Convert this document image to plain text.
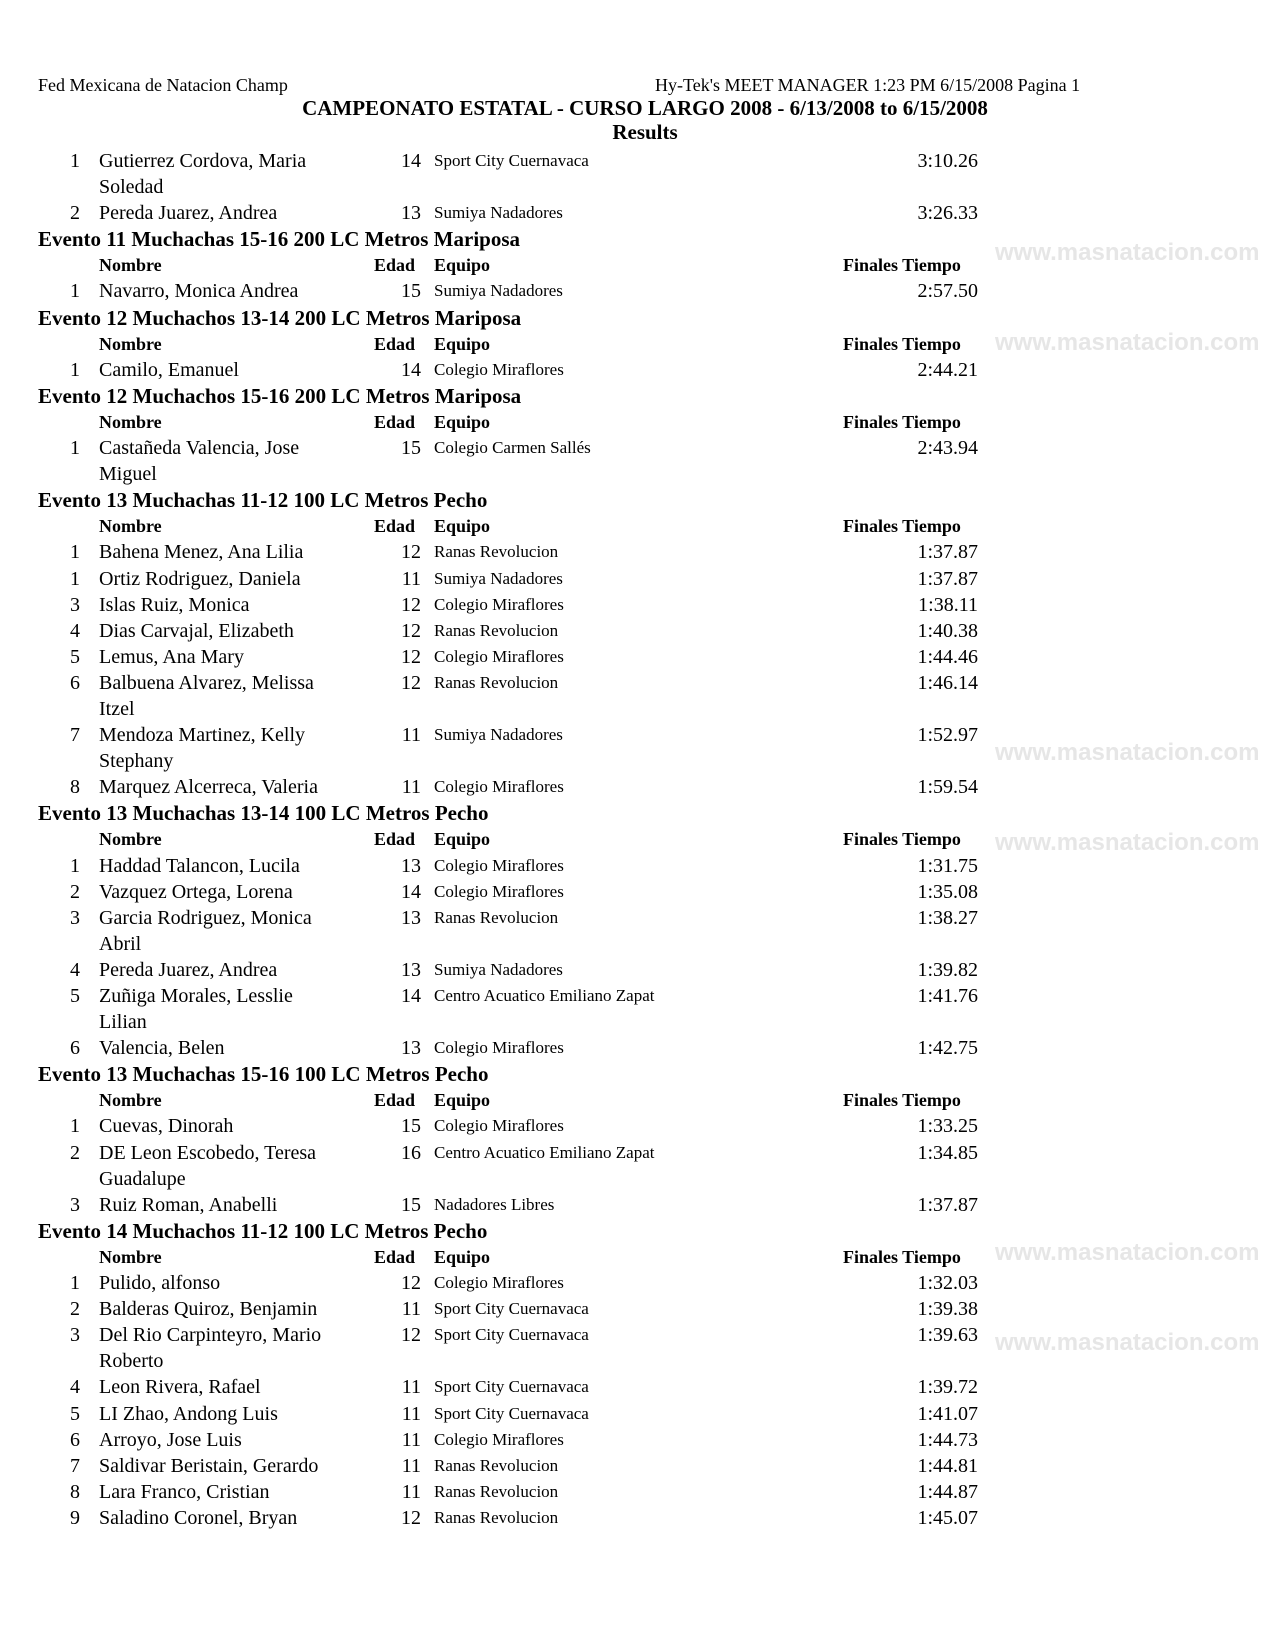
Fed Mexicana de Natacion Champ	Hy-Tek's MEET MANAGER 1:23 PM 6/15/2008 Pagina 1
CAMPEONATO ESTATAL - CURSO LARGO 2008 - 6/13/2008 to 6/15/2008
Results
www.masnatacion.com
www.masnatacion.com
www.masnatacion.com
www.masnatacion.com
www.masnatacion.com
www.masnatacion.com
1 Gutierrez Cordova, Maria	14 Sport City Cuernavaca	3:10.26
Soledad
2 Pereda Juarez, Andrea	13 Sumiya Nadadores	3:26.33
Evento 11 Muchachas 15-16 200 LC Metros Mariposa
Nombre	Edad Equipo	Finales Tiempo
1 Navarro, Monica Andrea	15 Sumiya Nadadores	2:57.50
Evento 12 Muchachos 13-14 200 LC Metros Mariposa
Nombre	Edad Equipo	Finales Tiempo
1 Camilo, Emanuel	14 Colegio Miraflores	2:44.21
Evento 12 Muchachos 15-16 200 LC Metros Mariposa
Nombre	Edad Equipo	Finales Tiempo
1 Castañeda Valencia, Jose	15 Colegio Carmen Sallés	2:43.94
Miguel
Evento 13 Muchachas 11-12 100 LC Metros Pecho
Nombre	Edad Equipo	Finales Tiempo
1 Bahena Menez, Ana Lilia	12 Ranas Revolucion	1:37.87
1 Ortiz Rodriguez, Daniela	11 Sumiya Nadadores	1:37.87
3 Islas Ruiz, Monica	12 Colegio Miraflores	1:38.11
4 Dias Carvajal, Elizabeth	12 Ranas Revolucion	1:40.38
5 Lemus, Ana Mary	12 Colegio Miraflores	1:44.46
6 Balbuena Alvarez, Melissa	12 Ranas Revolucion	1:46.14
Itzel
7 Mendoza Martinez, Kelly	11 Sumiya Nadadores	1:52.97
Stephany
8 Marquez Alcerreca, Valeria	11 Colegio Miraflores	1:59.54
Evento 13 Muchachas 13-14 100 LC Metros Pecho
Nombre	Edad Equipo	Finales Tiempo
1 Haddad Talancon, Lucila	13 Colegio Miraflores	1:31.75
2 Vazquez Ortega, Lorena	14 Colegio Miraflores	1:35.08
3 Garcia Rodriguez, Monica	13 Ranas Revolucion	1:38.27
Abril
4 Pereda Juarez, Andrea	13 Sumiya Nadadores	1:39.82
5 Zuñiga Morales, Lesslie	14 Centro Acuatico Emiliano Zapat	1:41.76
Lilian
6 Valencia, Belen	13 Colegio Miraflores	1:42.75
Evento 13 Muchachas 15-16 100 LC Metros Pecho
Nombre	Edad Equipo	Finales Tiempo
1 Cuevas, Dinorah	15 Colegio Miraflores	1:33.25
2 DE Leon Escobedo, Teresa	16 Centro Acuatico Emiliano Zapat	1:34.85
Guadalupe
3 Ruiz Roman, Anabelli	15 Nadadores Libres	1:37.87
Evento 14 Muchachos 11-12 100 LC Metros Pecho
Nombre	Edad Equipo	Finales Tiempo
1 Pulido, alfonso	12 Colegio Miraflores	1:32.03
2 Balderas Quiroz, Benjamin	11 Sport City Cuernavaca	1:39.38
3 Del Rio Carpinteyro, Mario	12 Sport City Cuernavaca	1:39.63
Roberto
4 Leon Rivera, Rafael	11 Sport City Cuernavaca	1:39.72
5 LI Zhao, Andong Luis	11 Sport City Cuernavaca	1:41.07
6 Arroyo, Jose Luis	11 Colegio Miraflores	1:44.73
7 Saldivar Beristain, Gerardo	11 Ranas Revolucion	1:44.81
8 Lara Franco, Cristian	11 Ranas Revolucion	1:44.87
9 Saladino Coronel, Bryan	12 Ranas Revolucion	1:45.07
